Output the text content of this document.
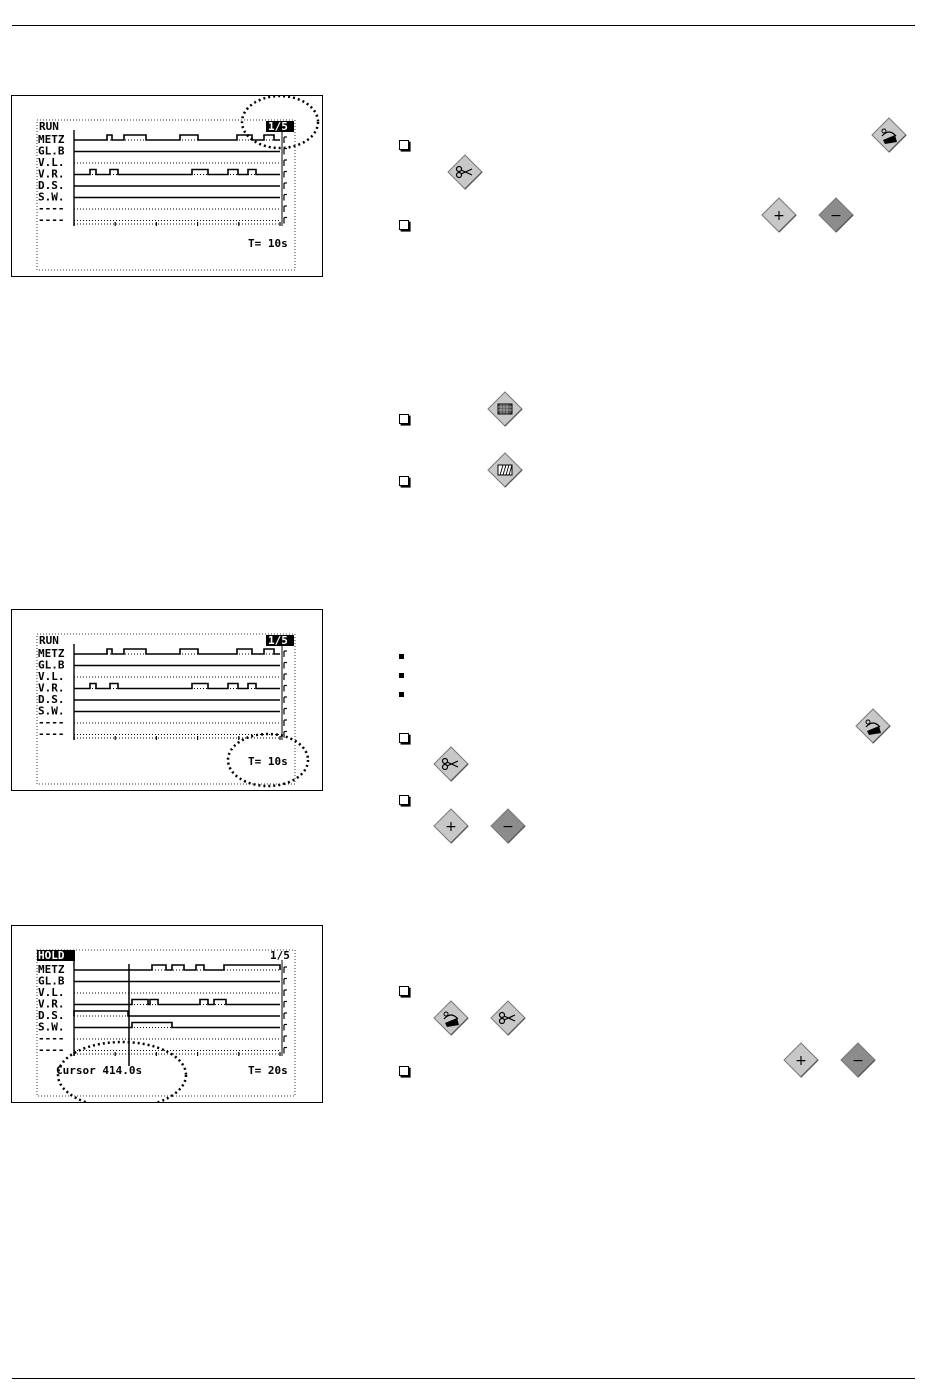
RUN	1/5
METZ
GL.B
V.L.
V.R.
D.S.
S.W.
----
----
T= 10s
+	−
RUN	1/5
METZ
GL.B
V.L.
V.R.
D.S.
S.W.
----
----
T= 10s
+	−
HOLD	1/5
METZ
GL.B
V.L.
V.R.
D.S.
S.W.
----
----
Cursor 414.0s	T= 20s
+	−
